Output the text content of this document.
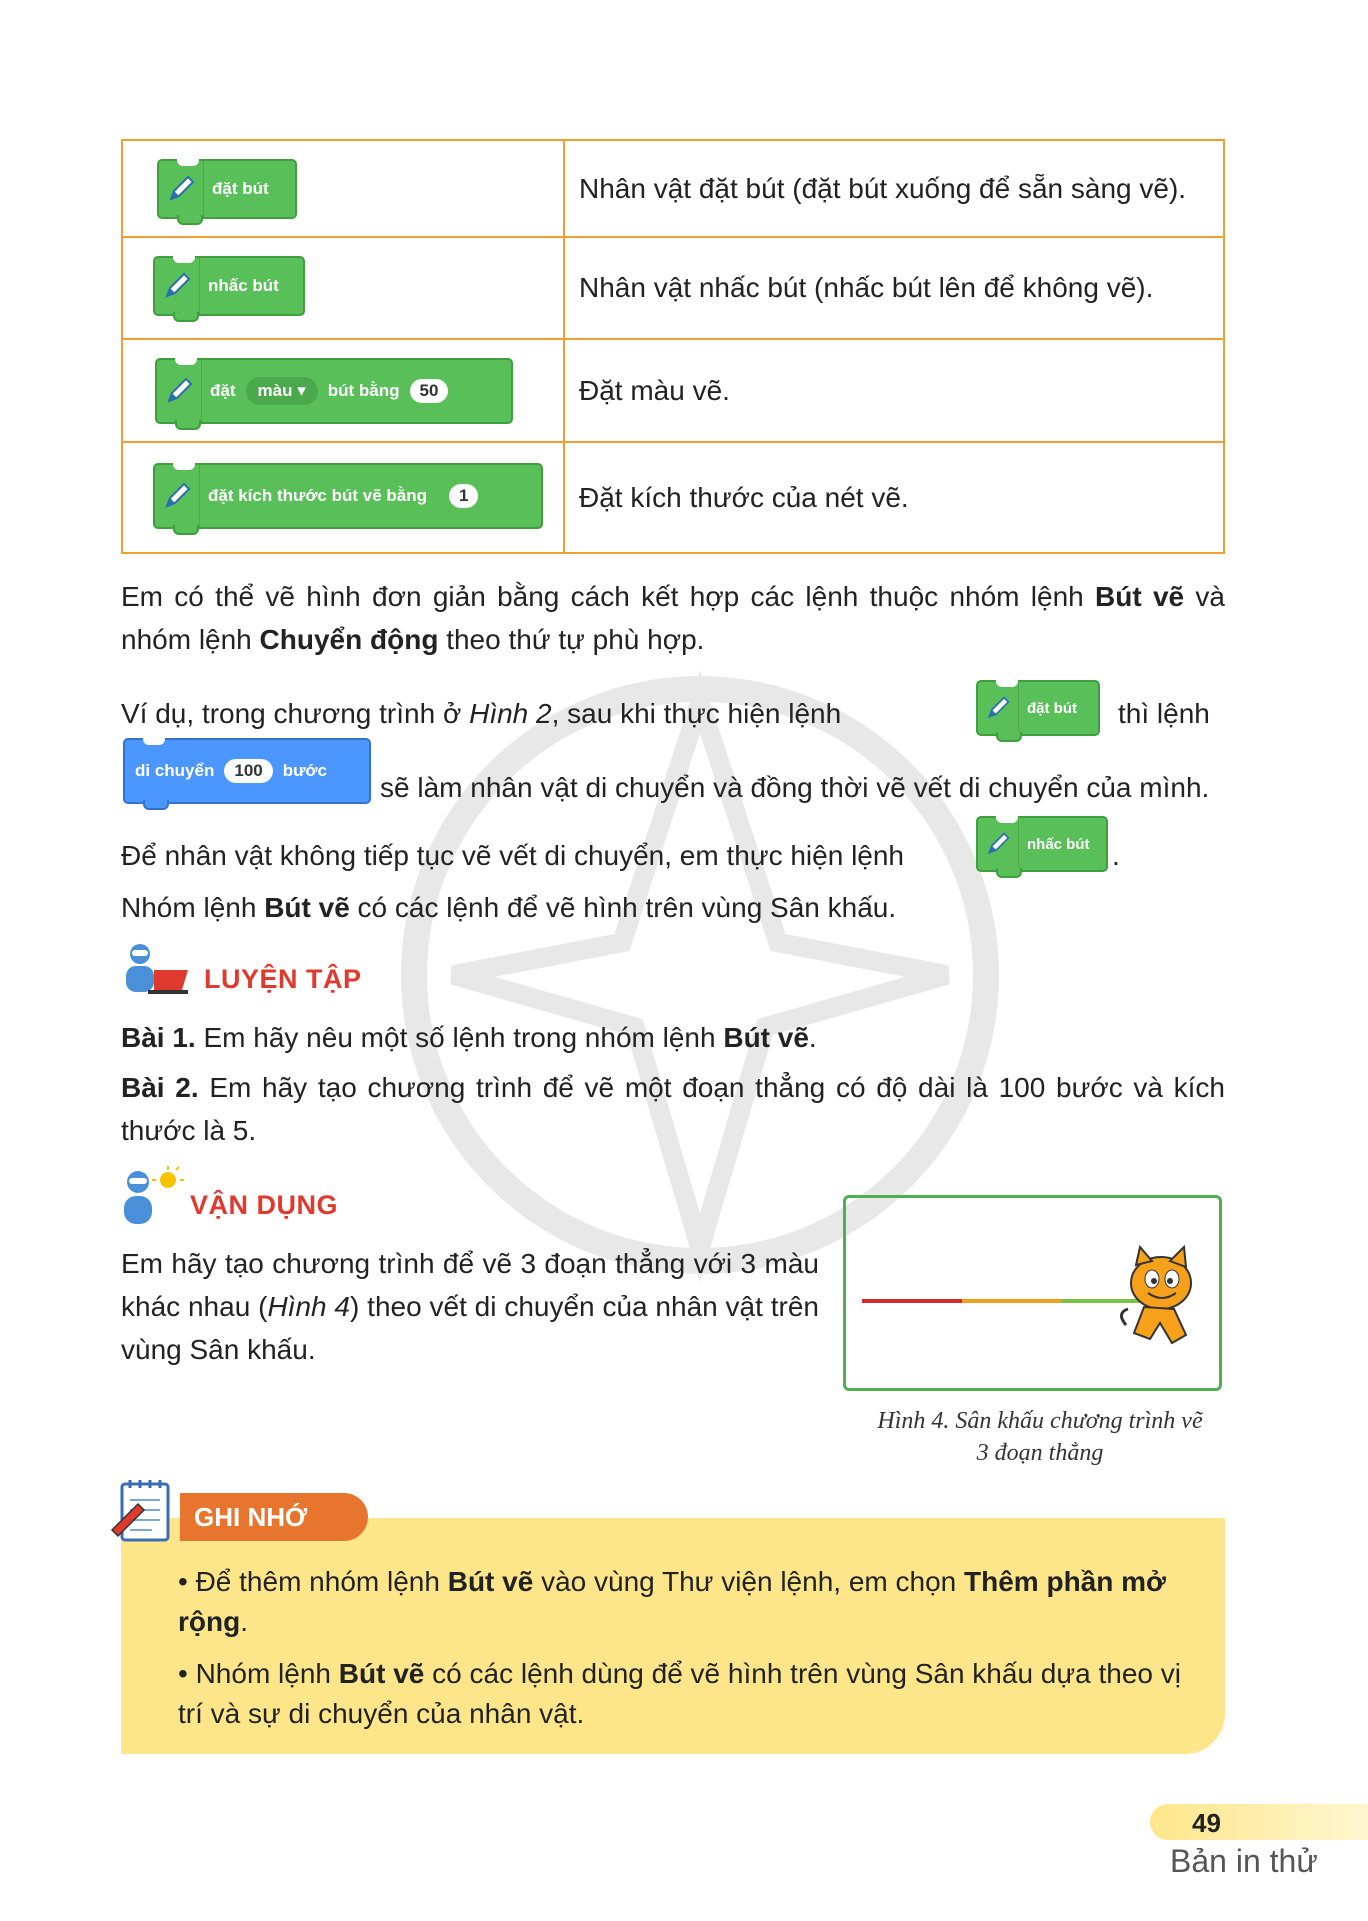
đặt bút	Nhân vật đặt bút (đặt bút xuống để sẵn sàng vẽ).

nhấc bút	Nhân vật nhấc bút (nhấc bút lên để không vẽ).

đặt màu ▾ bút bằng 50	Đặt màu vẽ.

đặt kích thước bút vẽ bằng 1	Đặt kích thước của nét vẽ.

Em có thể vẽ hình đơn giản bằng cách kết hợp các lệnh thuộc nhóm lệnh Bút vẽ và nhóm lệnh Chuyển động theo thứ tự phù hợp.

Ví dụ, trong chương trình ở Hình 2, sau khi thực hiện lệnh	đặt bút thì lệnh

di chuyển	100	bước

sẽ làm nhân vật di chuyển và đồng thời vẽ vết di chuyển của mình.

Để nhân vật không tiếp tục vẽ vết di chuyển, em thực hiện lệnh	nhấc bút .

Nhóm lệnh Bút vẽ có các lệnh để vẽ hình trên vùng Sân khấu.

LUYỆN TẬP

Bài 1. Em hãy nêu một số lệnh trong nhóm lệnh Bút vẽ.

Bài 2. Em hãy tạo chương trình để vẽ một đoạn thẳng có độ dài là 100 bước và kích thước là 5.

VẬN DỤNG

Em hãy tạo chương trình để vẽ 3 đoạn thẳng với 3 màu khác nhau (Hình 4) theo vết di chuyển của nhân vật trên vùng Sân khấu.

Hình 4. Sân khấu chương trình vẽ
3 đoạn thẳng
GHI NHỚ

• Để thêm nhóm lệnh Bút vẽ vào vùng Thư viện lệnh, em chọn Thêm phần mở rộng.

• Nhóm lệnh Bút vẽ có các lệnh dùng để vẽ hình trên vùng Sân khấu dựa theo vị trí và sự di chuyển của nhân vật.

49
Bản in thử
